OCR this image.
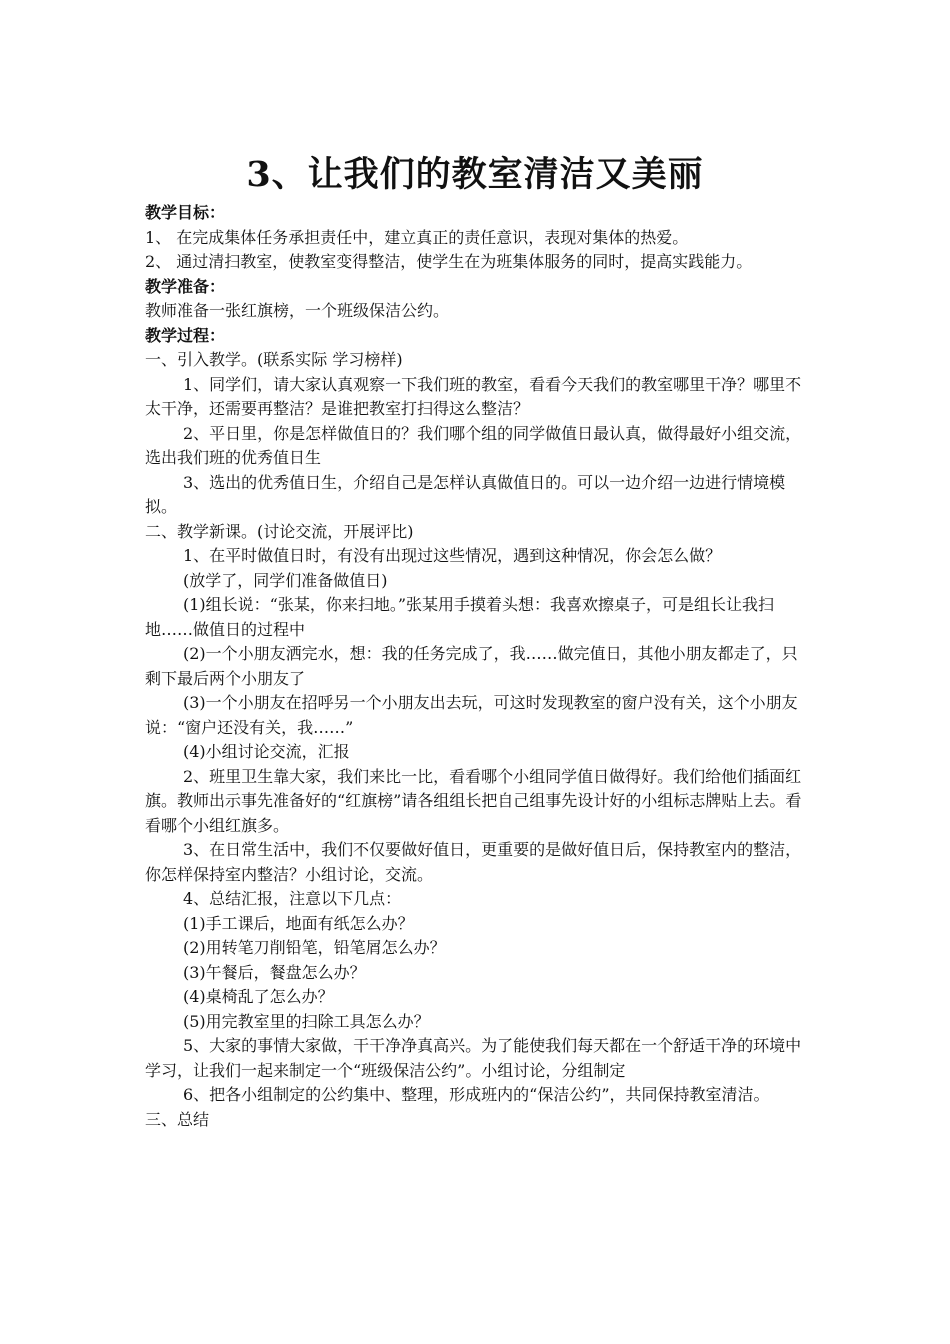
3、让我们的教室清洁又美丽

教学目标：

1、 在完成集体任务承担责任中，建立真正的责任意识，表现对集体的热爱。

2、 通过清扫教室，使教室变得整洁，使学生在为班集体服务的同时，提高实践能力。

教学准备：

教师准备一张红旗榜，一个班级保洁公约。

教学过程：

一、引入教学。(联系实际 学习榜样)

1、同学们，请大家认真观察一下我们班的教室，看看今天我们的教室哪里干净？哪里不太干净，还需要再整洁？是谁把教室打扫得这么整洁？

2、平日里，你是怎样做值日的？我们哪个组的同学做值日最认真，做得最好小组交流，选出我们班的优秀值日生

3、选出的优秀值日生，介绍自己是怎样认真做值日的。可以一边介绍一边进行情境模拟。

二、教学新课。(讨论交流，开展评比)

1、在平时做值日时，有没有出现过这些情况，遇到这种情况，你会怎么做？

(放学了，同学们准备做值日)

(1)组长说：“张某，你来扫地。”张某用手摸着头想：我喜欢擦桌子，可是组长让我扫地……做值日的过程中

(2)一个小朋友洒完水，想：我的任务完成了，我……做完值日，其他小朋友都走了，只剩下最后两个小朋友了

(3)一个小朋友在招呼另一个小朋友出去玩，可这时发现教室的窗户没有关，这个小朋友说：“窗户还没有关，我……”

(4)小组讨论交流，汇报

2、班里卫生靠大家，我们来比一比，看看哪个小组同学值日做得好。我们给他们插面红旗。教师出示事先准备好的“红旗榜”请各组组长把自己组事先设计好的小组标志牌贴上去。看看哪个小组红旗多。

3、在日常生活中，我们不仅要做好值日，更重要的是做好值日后，保持教室内的整洁，你怎样保持室内整洁？小组讨论，交流。

4、总结汇报，注意以下几点：

(1)手工课后，地面有纸怎么办？

(2)用转笔刀削铅笔，铅笔屑怎么办？

(3)午餐后，餐盘怎么办？

(4)桌椅乱了怎么办？

(5)用完教室里的扫除工具怎么办？

5、大家的事情大家做，干干净净真高兴。为了能使我们每天都在一个舒适干净的环境中学习，让我们一起来制定一个“班级保洁公约”。小组讨论，分组制定

6、把各小组制定的公约集中、整理，形成班内的“保洁公约”，共同保持教室清洁。

三、总结
